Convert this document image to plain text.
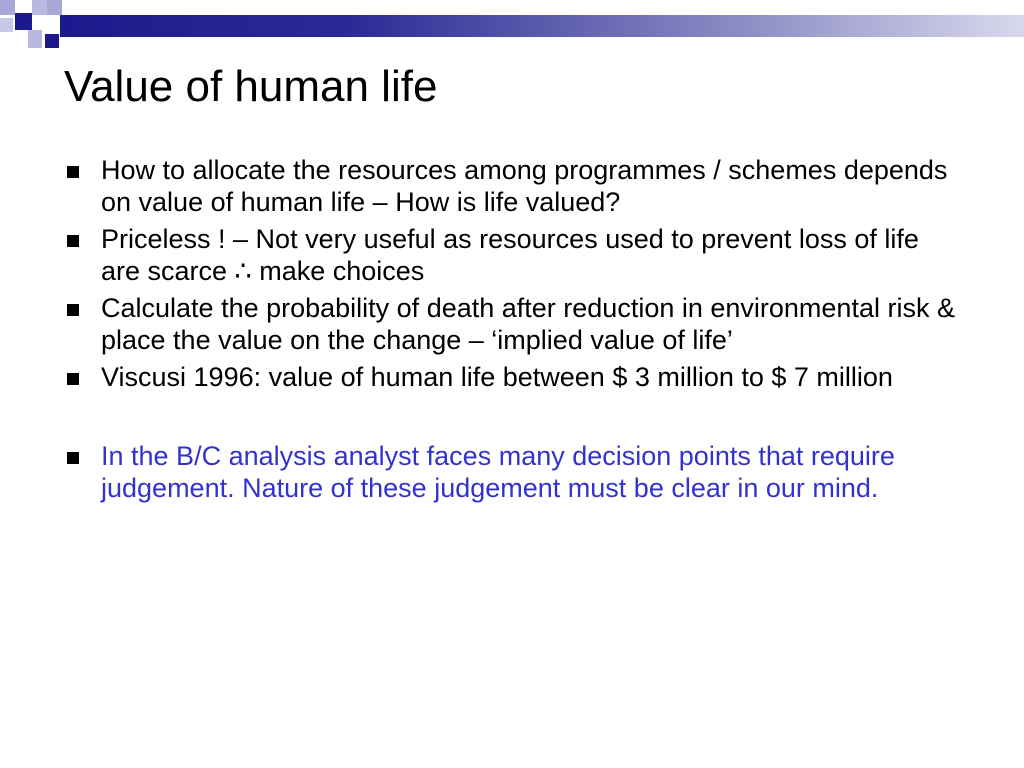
Value of human life
How to allocate the resources among programmes / schemes depends on value of human life – How is life valued?
Priceless ! – Not very useful as resources used to prevent loss of life are scarce ∴ make choices
Calculate the probability of death after reduction in environmental risk & place the value on the change – ‘implied value of life’
Viscusi 1996: value of human life between $ 3 million to $ 7 million
In the B/C analysis analyst faces many decision points that require judgement. Nature of these judgement must be clear in our mind.
